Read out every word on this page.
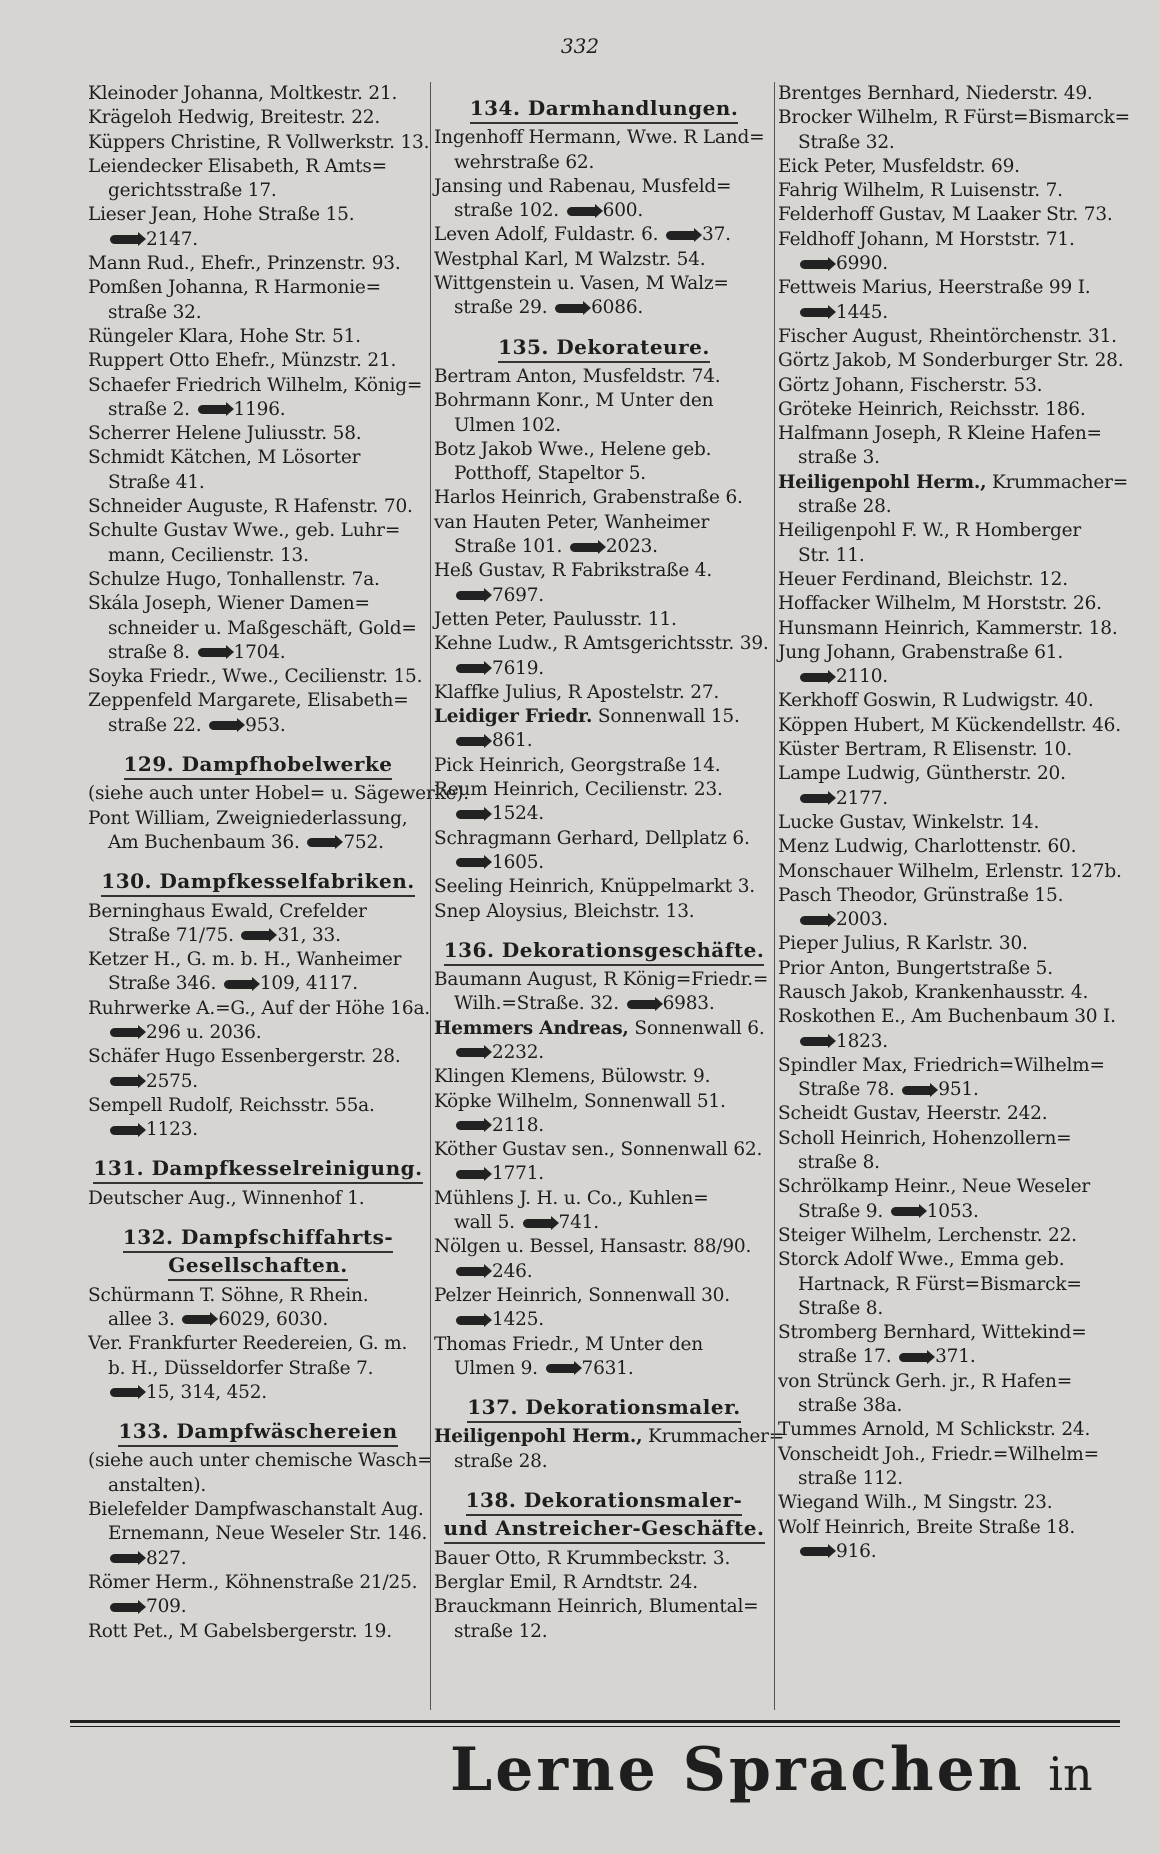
332
Kleinoder Johanna, Moltkestr. 21.
Krägeloh Hedwig, Breitestr. 22.
Küppers Christine, R Vollwerkstr. 13.
Leiendecker Elisabeth, R Amts=
gerichtsstraße 17.
Lieser Jean, Hohe Straße 15.
2147.
Mann Rud., Ehefr., Prinzenstr. 93.
Pomßen Johanna, R Harmonie=
straße 32.
Rüngeler Klara, Hohe Str. 51.
Ruppert Otto Ehefr., Münzstr. 21.
Schaefer Friedrich Wilhelm, König=
straße 2. 1196.
Scherrer Helene Juliusstr. 58.
Schmidt Kätchen, M Lösorter
Straße 41.
Schneider Auguste, R Hafenstr. 70.
Schulte Gustav Wwe., geb. Luhr=
mann, Cecilienstr. 13.
Schulze Hugo, Tonhallenstr. 7a.
Skála Joseph, Wiener Damen=
schneider u. Maßgeschäft, Gold=
straße 8. 1704.
Soyka Friedr., Wwe., Cecilienstr. 15.
Zeppenfeld Margarete, Elisabeth=
straße 22. 953.
129. Dampfhobelwerke
(siehe auch unter Hobel= u. Sägewerke).
Pont William, Zweigniederlassung,
Am Buchenbaum 36. 752.
130. Dampfkesselfabriken.
Berninghaus Ewald, Crefelder
Straße 71/75. 31, 33.
Ketzer H., G. m. b. H., Wanheimer
Straße 346. 109, 4117.
Ruhrwerke A.=G., Auf der Höhe 16a.
296 u. 2036.
Schäfer Hugo Essenbergerstr. 28.
2575.
Sempell Rudolf, Reichsstr. 55a.
1123.
131. Dampfkesselreinigung.
Deutscher Aug., Winnenhof 1.
132. Dampfschiffahrts-
Gesellschaften.
Schürmann T. Söhne, R Rhein.
allee 3. 6029, 6030.
Ver. Frankfurter Reedereien, G. m.
b. H., Düsseldorfer Straße 7.
15, 314, 452.
133. Dampfwäschereien
(siehe auch unter chemische Wasch=
anstalten).
Bielefelder Dampfwaschanstalt Aug.
Ernemann, Neue Weseler Str. 146.
827.
Römer Herm., Köhnenstraße 21/25.
709.
Rott Pet., M Gabelsbergerstr. 19.
134. Darmhandlungen.
Ingenhoff Hermann, Wwe. R Land=
wehrstraße 62.
Jansing und Rabenau, Musfeld=
straße 102. 600.
Leven Adolf, Fuldastr. 6. 37.
Westphal Karl, M Walzstr. 54.
Wittgenstein u. Vasen, M Walz=
straße 29. 6086.
135. Dekorateure.
Bertram Anton, Musfeldstr. 74.
Bohrmann Konr., M Unter den
Ulmen 102.
Botz Jakob Wwe., Helene geb.
Potthoff, Stapeltor 5.
Harlos Heinrich, Grabenstraße 6.
van Hauten Peter, Wanheimer
Straße 101. 2023.
Heß Gustav, R Fabrikstraße 4.
7697.
Jetten Peter, Paulusstr. 11.
Kehne Ludw., R Amtsgerichtsstr. 39.
7619.
Klaffke Julius, R Apostelstr. 27.
Leidiger Friedr. Sonnenwall 15.
861.
Pick Heinrich, Georgstraße 14.
Reum Heinrich, Cecilienstr. 23.
1524.
Schragmann Gerhard, Dellplatz 6.
1605.
Seeling Heinrich, Knüppelmarkt 3.
Snep Aloysius, Bleichstr. 13.
136. Dekorationsgeschäfte.
Baumann August, R König=Friedr.=
Wilh.=Straße. 32. 6983.
Hemmers Andreas, Sonnenwall 6.
2232.
Klingen Klemens, Bülowstr. 9.
Köpke Wilhelm, Sonnenwall 51.
2118.
Köther Gustav sen., Sonnenwall 62.
1771.
Mühlens J. H. u. Co., Kuhlen=
wall 5. 741.
Nölgen u. Bessel, Hansastr. 88/90.
246.
Pelzer Heinrich, Sonnenwall 30.
1425.
Thomas Friedr., M Unter den
Ulmen 9. 7631.
137. Dekorationsmaler.
Heiligenpohl Herm., Krummacher=
straße 28.
138. Dekorationsmaler-
und Anstreicher-Geschäfte.
Bauer Otto, R Krummbeckstr. 3.
Berglar Emil, R Arndtstr. 24.
Brauckmann Heinrich, Blumental=
straße 12.
Brentges Bernhard, Niederstr. 49.
Brocker Wilhelm, R Fürst=Bismarck=
Straße 32.
Eick Peter, Musfeldstr. 69.
Fahrig Wilhelm, R Luisenstr. 7.
Felderhoff Gustav, M Laaker Str. 73.
Feldhoff Johann, M Horststr. 71.
6990.
Fettweis Marius, Heerstraße 99 I.
1445.
Fischer August, Rheintörchenstr. 31.
Görtz Jakob, M Sonderburger Str. 28.
Görtz Johann, Fischerstr. 53.
Gröteke Heinrich, Reichsstr. 186.
Halfmann Joseph, R Kleine Hafen=
straße 3.
Heiligenpohl Herm., Krummacher=
straße 28.
Heiligenpohl F. W., R Homberger
Str. 11.
Heuer Ferdinand, Bleichstr. 12.
Hoffacker Wilhelm, M Horststr. 26.
Hunsmann Heinrich, Kammerstr. 18.
Jung Johann, Grabenstraße 61.
2110.
Kerkhoff Goswin, R Ludwigstr. 40.
Köppen Hubert, M Kückendellstr. 46.
Küster Bertram, R Elisenstr. 10.
Lampe Ludwig, Güntherstr. 20.
2177.
Lucke Gustav, Winkelstr. 14.
Menz Ludwig, Charlottenstr. 60.
Monschauer Wilhelm, Erlenstr. 127b.
Pasch Theodor, Grünstraße 15.
2003.
Pieper Julius, R Karlstr. 30.
Prior Anton, Bungertstraße 5.
Rausch Jakob, Krankenhausstr. 4.
Roskothen E., Am Buchenbaum 30 I.
1823.
Spindler Max, Friedrich=Wilhelm=
Straße 78. 951.
Scheidt Gustav, Heerstr. 242.
Scholl Heinrich, Hohenzollern=
straße 8.
Schrölkamp Heinr., Neue Weseler
Straße 9. 1053.
Steiger Wilhelm, Lerchenstr. 22.
Storck Adolf Wwe., Emma geb.
Hartnack, R Fürst=Bismarck=
Straße 8.
Stromberg Bernhard, Wittekind=
straße 17. 371.
von Strünck Gerh. jr., R Hafen=
straße 38a.
Tummes Arnold, M Schlickstr. 24.
Vonscheidt Joh., Friedr.=Wilhelm=
straße 112.
Wiegand Wilh., M Singstr. 23.
Wolf Heinrich, Breite Straße 18.
916.
Lerne Sprachen in
